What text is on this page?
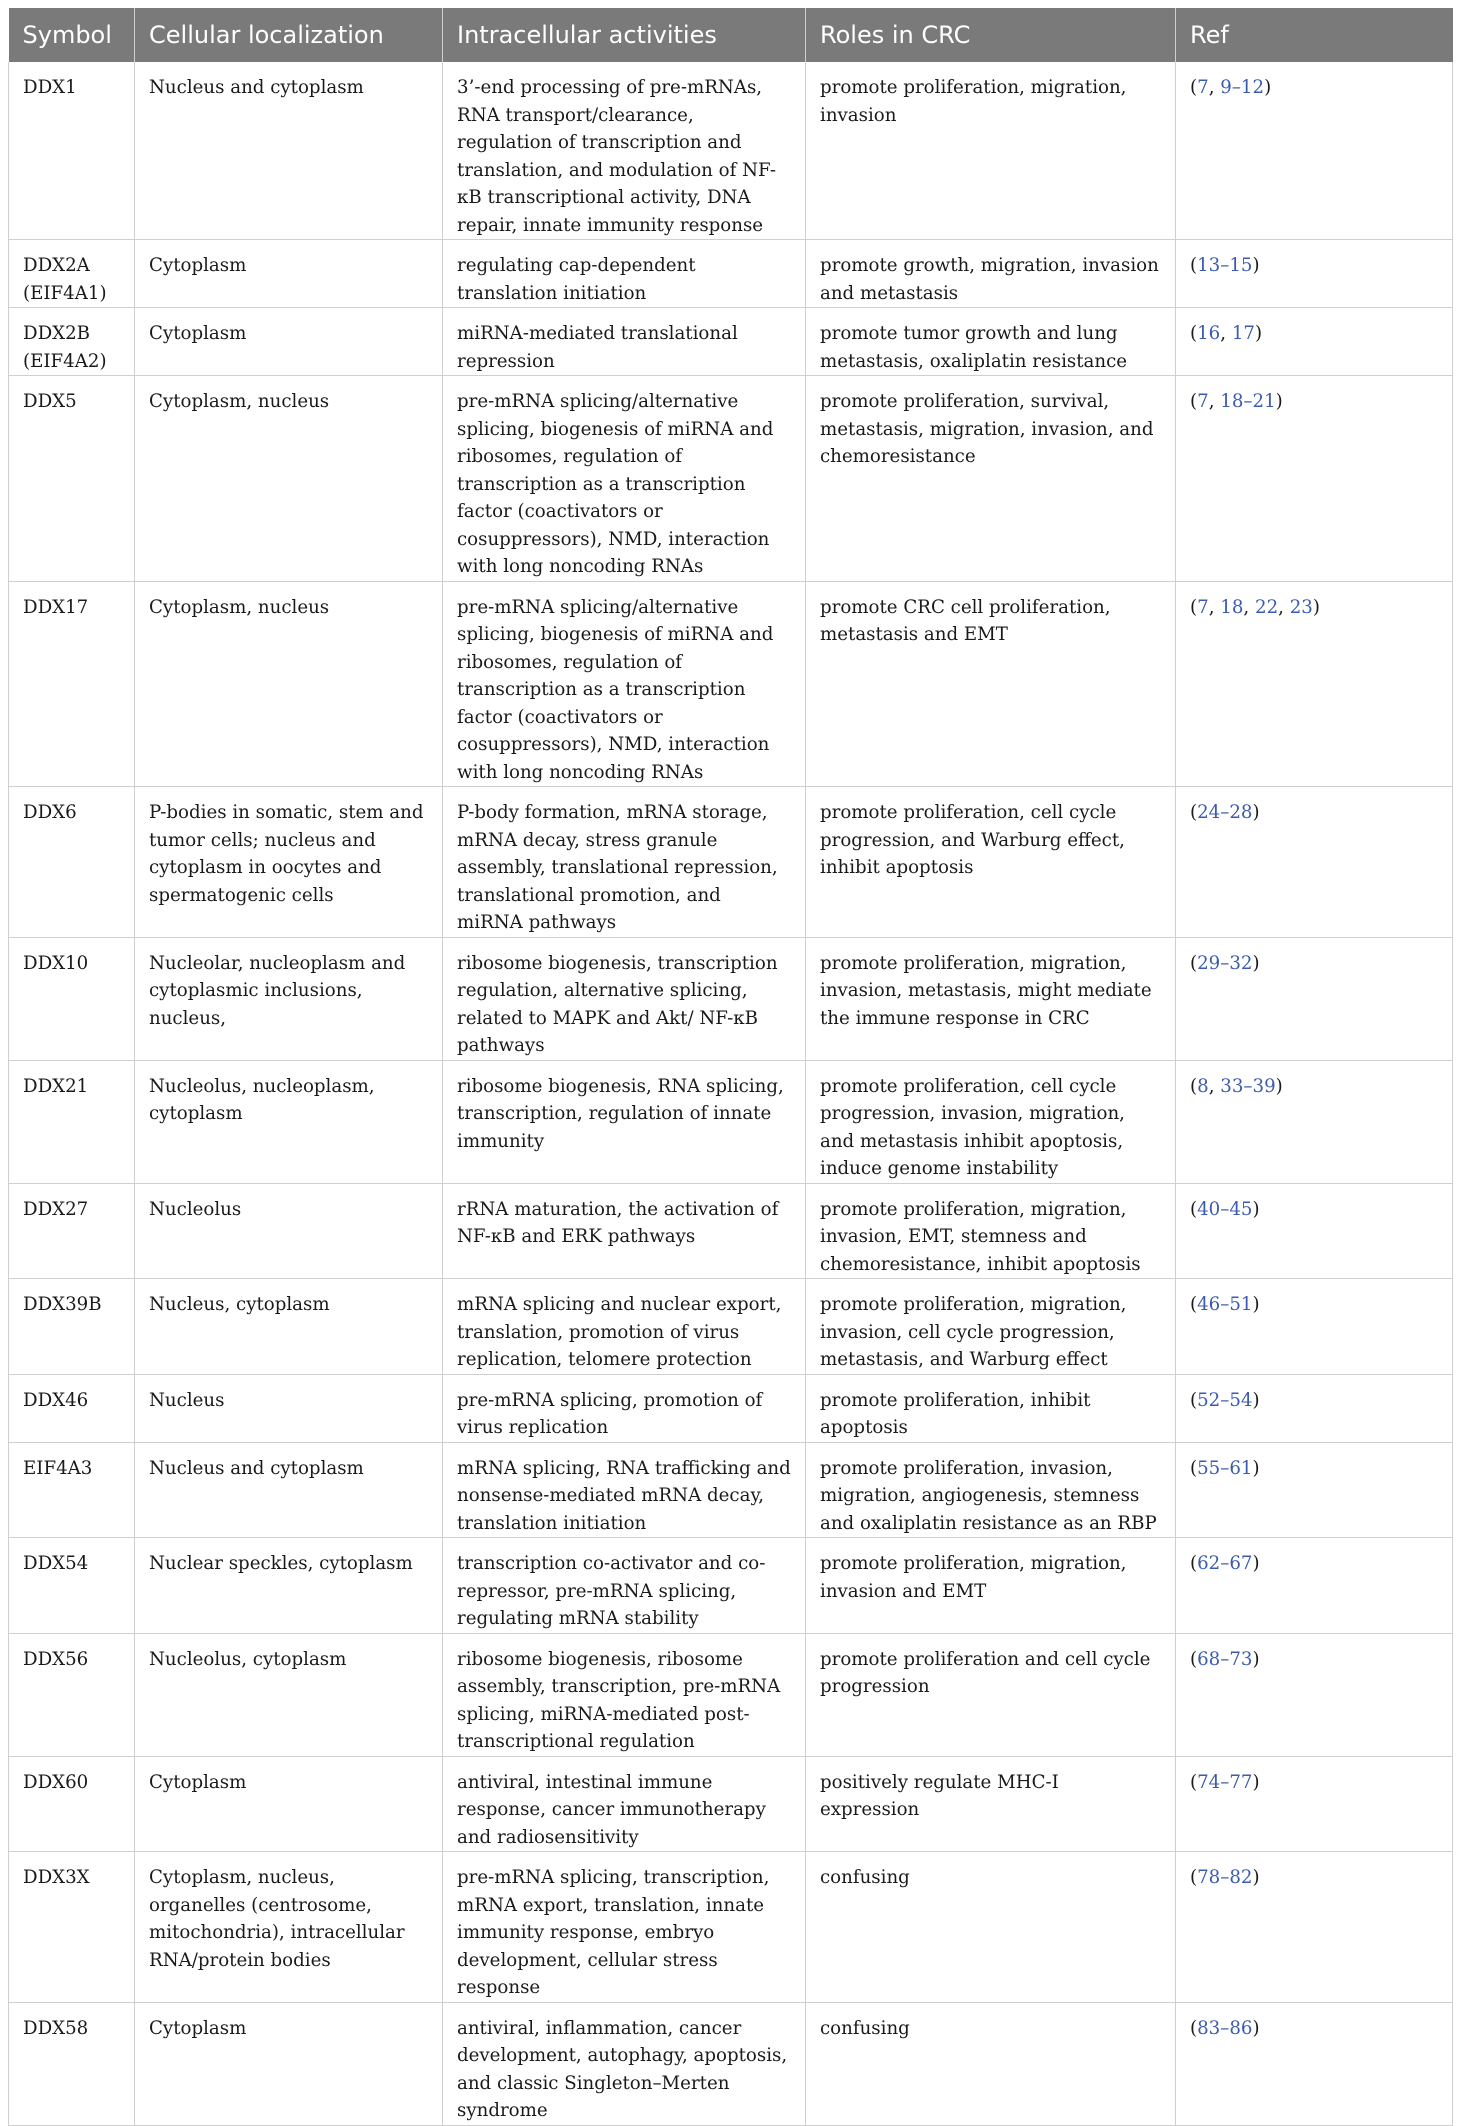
Symbol	Cellular localization	Intracellular activities	Roles in CRC	Ref
DDX1	Nucleus and cytoplasm	3’-end processing of pre-mRNAs, RNA transport/clearance, regulation of transcription and translation, and modulation of NF-κB transcriptional activity, DNA repair, innate immunity response	promote proliferation, migration, invasion	(7, 9–12)
DDX2A (EIF4A1)	Cytoplasm	regulating cap-dependent translation initiation	promote growth, migration, invasion and metastasis	(13–15)
DDX2B (EIF4A2)	Cytoplasm	miRNA-mediated translational repression	promote tumor growth and lung metastasis, oxaliplatin resistance	(16, 17)
DDX5	Cytoplasm, nucleus	pre-mRNA splicing/alternative splicing, biogenesis of miRNA and ribosomes, regulation of transcription as a transcription factor (coactivators or cosuppressors), NMD, interaction with long noncoding RNAs	promote proliferation, survival, metastasis, migration, invasion, and chemoresistance	(7, 18–21)
DDX17	Cytoplasm, nucleus	pre-mRNA splicing/alternative splicing, biogenesis of miRNA and ribosomes, regulation of transcription as a transcription factor (coactivators or cosuppressors), NMD, interaction with long noncoding RNAs	promote CRC cell proliferation, metastasis and EMT	(7, 18, 22, 23)
DDX6	P-bodies in somatic, stem and tumor cells; nucleus and cytoplasm in oocytes and spermatogenic cells	P-body formation, mRNA storage, mRNA decay, stress granule assembly, translational repression, translational promotion, and miRNA pathways	promote proliferation, cell cycle progression, and Warburg effect, inhibit apoptosis	(24–28)
DDX10	Nucleolar, nucleoplasm and cytoplasmic inclusions, nucleus,	ribosome biogenesis, transcription regulation, alternative splicing, related to MAPK and Akt/ NF-κB pathways	promote proliferation, migration, invasion, metastasis, might mediate the immune response in CRC	(29–32)
DDX21	Nucleolus, nucleoplasm, cytoplasm	ribosome biogenesis, RNA splicing, transcription, regulation of innate immunity	promote proliferation, cell cycle progression, invasion, migration, and metastasis inhibit apoptosis, induce genome instability	(8, 33–39)
DDX27	Nucleolus	rRNA maturation, the activation of NF-κB and ERK pathways	promote proliferation, migration, invasion, EMT, stemness and chemoresistance, inhibit apoptosis	(40–45)
DDX39B	Nucleus, cytoplasm	mRNA splicing and nuclear export, translation, promotion of virus replication, telomere protection	promote proliferation, migration, invasion, cell cycle progression, metastasis, and Warburg effect	(46–51)
DDX46	Nucleus	pre-mRNA splicing, promotion of virus replication	promote proliferation, inhibit apoptosis	(52–54)
EIF4A3	Nucleus and cytoplasm	mRNA splicing, RNA trafficking and nonsense-mediated mRNA decay, translation initiation	promote proliferation, invasion, migration, angiogenesis, stemness and oxaliplatin resistance as an RBP	(55–61)
DDX54	Nuclear speckles, cytoplasm	transcription co-activator and co-repressor, pre-mRNA splicing, regulating mRNA stability	promote proliferation, migration, invasion and EMT	(62–67)
DDX56	Nucleolus, cytoplasm	ribosome biogenesis, ribosome assembly, transcription, pre-mRNA splicing, miRNA-mediated post-transcriptional regulation	promote proliferation and cell cycle progression	(68–73)
DDX60	Cytoplasm	antiviral, intestinal immune response, cancer immunotherapy and radiosensitivity	positively regulate MHC-I expression	(74–77)
DDX3X	Cytoplasm, nucleus, organelles (centrosome, mitochondria), intracellular RNA/protein bodies	pre-mRNA splicing, transcription, mRNA export, translation, innate immunity response, embryo development, cellular stress response	confusing	(78–82)
DDX58	Cytoplasm	antiviral, inflammation, cancer development, autophagy, apoptosis, and classic Singleton–Merten syndrome	confusing	(83–86)
